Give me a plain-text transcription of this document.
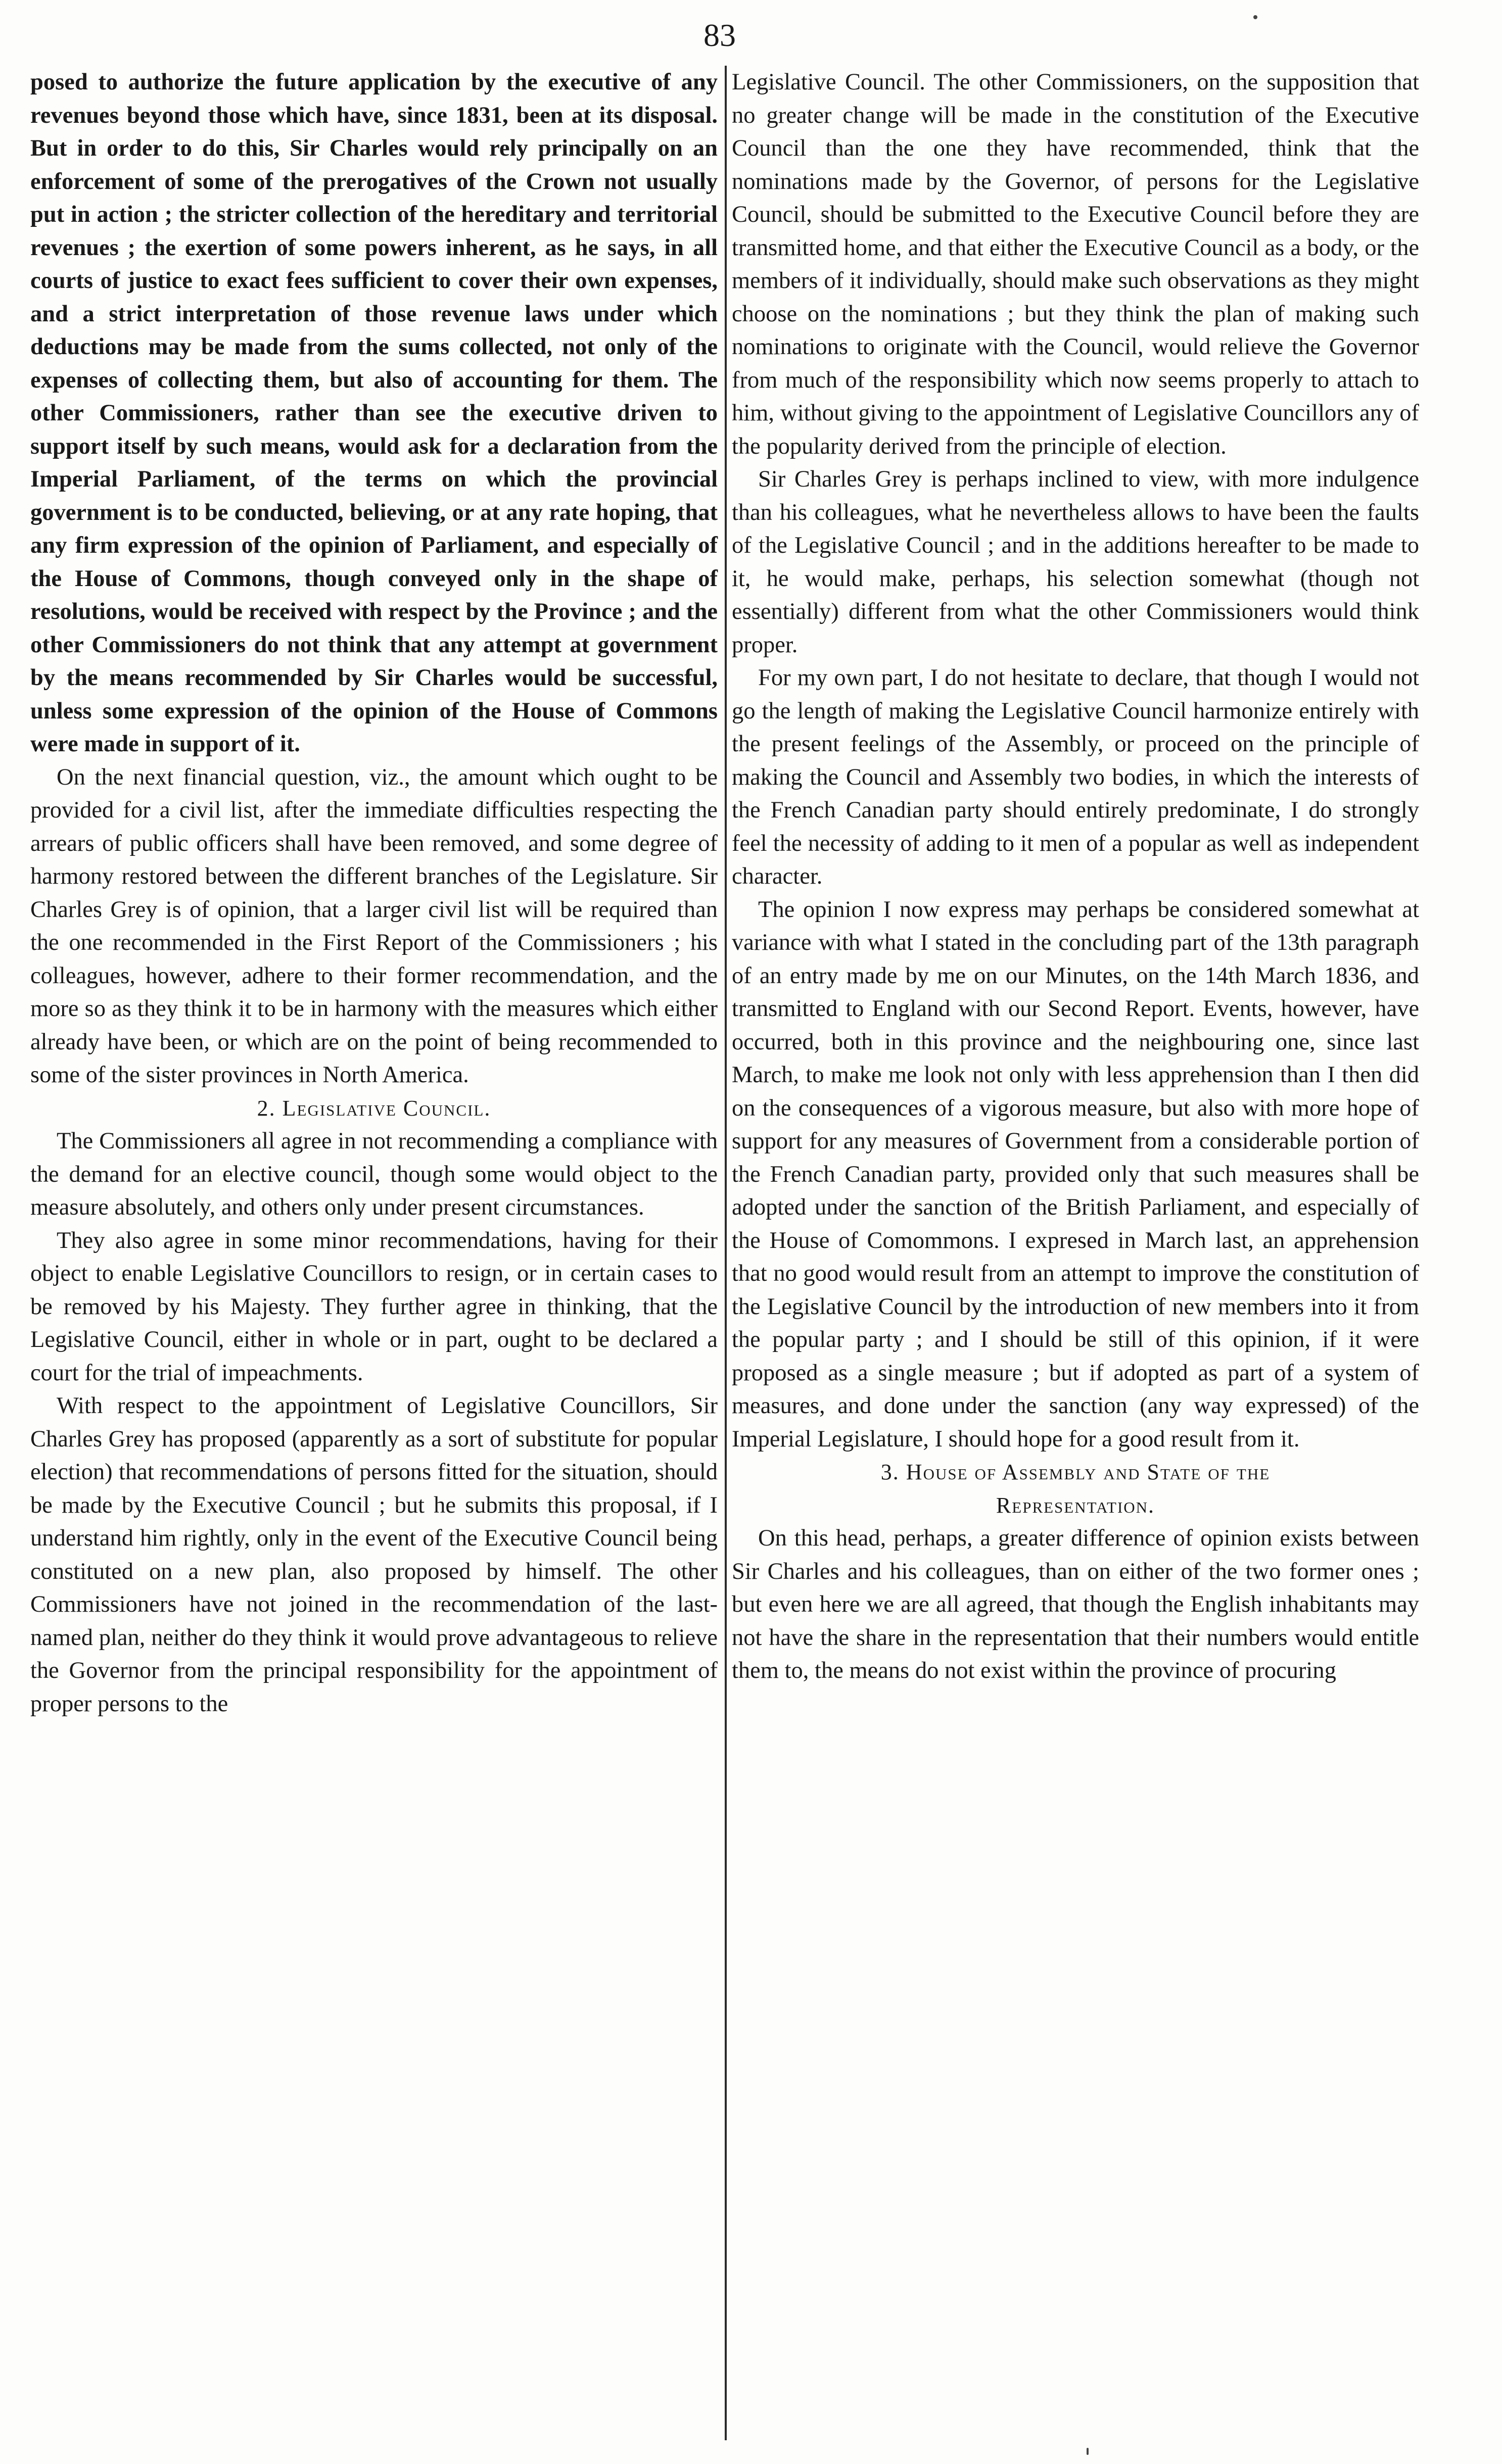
83

posed to authorize the future application by the executive of any revenues beyond those which have, since 1831, been at its disposal. But in order to do this, Sir Charles would rely principally on an enforcement of some of the prerogatives of the Crown not usually put in action ; the stricter collection of the hereditary and territorial revenues ; the exertion of some powers inherent, as he says, in all courts of justice to exact fees sufficient to cover their own expenses, and a strict interpretation of those revenue laws under which deductions may be made from the sums collected, not only of the expenses of collecting them, but also of accounting for them. The other Commissioners, rather than see the executive driven to support itself by such means, would ask for a declaration from the Imperial Parliament, of the terms on which the provincial government is to be conducted, believing, or at any rate hoping, that any firm expression of the opinion of Parliament, and especially of the House of Commons, though conveyed only in the shape of resolutions, would be received with respect by the Province ; and the other Commissioners do not think that any attempt at government by the means recommended by Sir Charles would be successful, unless some expression of the opinion of the House of Commons were made in support of it.

On the next financial question, viz., the amount which ought to be provided for a civil list, after the immediate difficulties respecting the arrears of public officers shall have been removed, and some degree of harmony restored between the different branches of the Legislature. Sir Charles Grey is of opinion, that a larger civil list will be required than the one recommended in the First Report of the Commissioners ; his colleagues, however, adhere to their former recommendation, and the more so as they think it to be in harmony with the measures which either already have been, or which are on the point of being recommended to some of the sister provinces in North America.

2. Legislative Council.

The Commissioners all agree in not recommending a compliance with the demand for an elective council, though some would object to the measure absolutely, and others only under present circumstances.

They also agree in some minor recommendations, having for their object to enable Legislative Councillors to resign, or in certain cases to be removed by his Majesty. They further agree in thinking, that the Legislative Council, either in whole or in part, ought to be declared a court for the trial of impeachments.

With respect to the appointment of Legislative Councillors, Sir Charles Grey has proposed (apparently as a sort of substitute for popular election) that recommendations of persons fitted for the situation, should be made by the Executive Council ; but he submits this proposal, if I understand him rightly, only in the event of the Executive Council being constituted on a new plan, also proposed by himself. The other Commissioners have not joined in the recommendation of the last-named plan, neither do they think it would prove advantageous to relieve the Governor from the principal responsibility for the appointment of proper persons to the

Legislative Council. The other Commissioners, on the supposition that no greater change will be made in the constitution of the Executive Council than the one they have recommended, think that the nominations made by the Governor, of persons for the Legislative Council, should be submitted to the Executive Council before they are transmitted home, and that either the Executive Council as a body, or the members of it individually, should make such observations as they might choose on the nominations ; but they think the plan of making such nominations to originate with the Council, would relieve the Governor from much of the responsibility which now seems properly to attach to him, without giving to the appointment of Legislative Councillors any of the popularity derived from the principle of election.

Sir Charles Grey is perhaps inclined to view, with more indulgence than his colleagues, what he nevertheless allows to have been the faults of the Legislative Council ; and in the additions hereafter to be made to it, he would make, perhaps, his selection somewhat (though not essentially) different from what the other Commissioners would think proper.

For my own part, I do not hesitate to declare, that though I would not go the length of making the Legislative Council harmonize entirely with the present feelings of the Assembly, or proceed on the principle of making the Council and Assembly two bodies, in which the interests of the French Canadian party should entirely predominate, I do strongly feel the necessity of adding to it men of a popular as well as independent character.

The opinion I now express may perhaps be considered somewhat at variance with what I stated in the concluding part of the 13th paragraph of an entry made by me on our Minutes, on the 14th March 1836, and transmitted to England with our Second Report. Events, however, have occurred, both in this province and the neighbouring one, since last March, to make me look not only with less apprehension than I then did on the consequences of a vigorous measure, but also with more hope of support for any measures of Government from a considerable portion of the French Canadian party, provided only that such measures shall be adopted under the sanction of the British Parliament, and especially of the House of Comommons. I expresed in March last, an apprehension that no good would result from an attempt to improve the constitution of the Legislative Council by the introduction of new members into it from the popular party ; and I should be still of this opinion, if it were proposed as a single measure ; but if adopted as part of a system of measures, and done under the sanction (any way expressed) of the Imperial Legislature, I should hope for a good result from it.

3. House of Assembly and State of the
Representation.

On this head, perhaps, a greater difference of opinion exists between Sir Charles and his colleagues, than on either of the two former ones ; but even here we are all agreed, that though the English inhabitants may not have the share in the representation that their numbers would entitle them to, the means do not exist within the province of procuring
